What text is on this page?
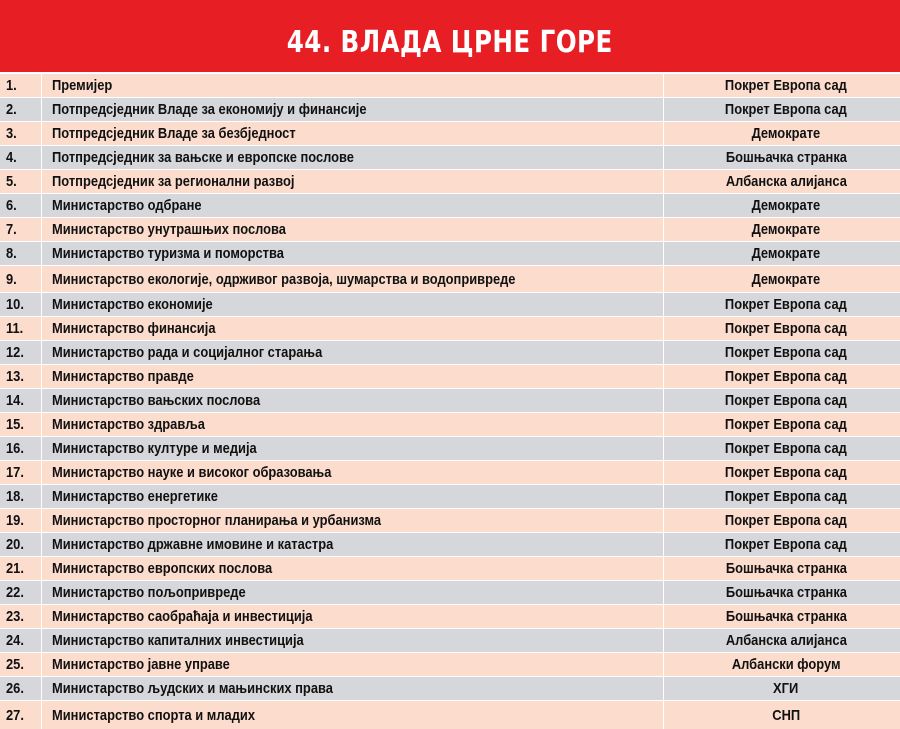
44. ВЛАДА ЦРНЕ ГОРЕ
1. Премијер	Покрет Европа сад
2. Потпредсједник Владе за економију и финансије	Покрет Европа сад
3. Потпредсједник Владе за безбједност	Демократе
4. Потпредсједник за вањске и европске послове	Бошњачка странка
5. Потпредсједник за регионални развој	Албанска алијанса
6. Министарство одбране	Демократе
7. Министарство унутрашњих послова	Демократе
8. Министарство туризма и поморства	Демократе
9. Министарство екологије, одрживог развоја, шумарства и водопривреде	Демократе
10. Министарство економије	Покрет Европа сад
11. Министарство финансија	Покрет Европа сад
12. Министарство рада и социјалног старања	Покрет Европа сад
13. Министарство правде	Покрет Европа сад
14. Министарство вањских послова	Покрет Европа сад
15. Министарство здравља	Покрет Европа сад
16. Министарство културе и медија	Покрет Европа сад
17. Министарство науке и високог образовања	Покрет Европа сад
18. Министарство енергетике	Покрет Европа сад
19. Министарство просторног планирања и урбанизма	Покрет Европа сад
20. Министарство државне имовине и катастра	Покрет Европа сад
21. Министарство европских послова	Бошњачка странка
22. Министарство пољопривреде	Бошњачка странка
23. Министарство саобраћаја и инвестиција	Бошњачка странка
24. Министарство капиталних инвестиција	Албанска алијанса
25. Министарство јавне управе	Албански форум
26. Министарство људских и мањинских права	ХГИ
27. Министарство спорта и младих	СНП
